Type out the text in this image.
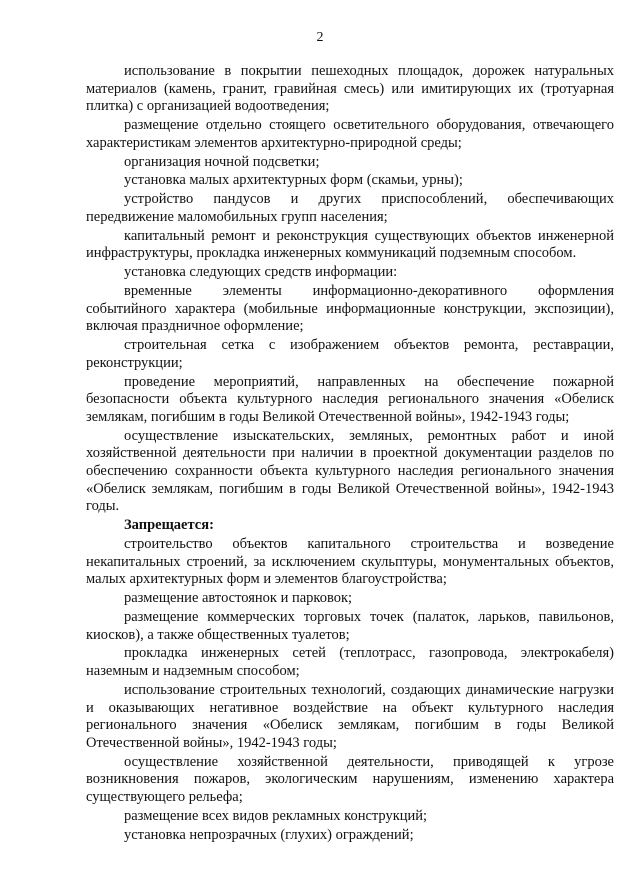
2

использование в покрытии пешеходных площадок, дорожек натуральных материалов (камень, гранит, гравийная смесь) или имитирующих их (тротуарная плитка) с организацией водоотведения;

размещение отдельно стоящего осветительного оборудования, отвечающего характеристикам элементов архитектурно-природной среды;

организация ночной подсветки;

установка малых архитектурных форм (скамьи, урны);

устройство пандусов и других приспособлений, обеспечивающих передвижение маломобильных групп населения;

капитальный ремонт и реконструкция существующих объектов инженерной инфраструктуры, прокладка инженерных коммуникаций подземным способом.

установка следующих средств информации:

временные элементы информационно-декоративного оформления событийного характера (мобильные информационные конструкции, экспозиции), включая праздничное оформление;

строительная сетка с изображением объектов ремонта, реставрации, реконструкции;

проведение мероприятий, направленных на обеспечение пожарной безопасности объекта культурного наследия регионального значения «Обелиск землякам, погибшим в годы Великой Отечественной войны», 1942-1943 годы;

осуществление изыскательских, земляных, ремонтных работ и иной хозяйственной деятельности при наличии в проектной документации разделов по обеспечению сохранности объекта культурного наследия регионального значения «Обелиск землякам, погибшим в годы Великой Отечественной войны», 1942-1943 годы.

Запрещается:

строительство объектов капитального строительства и возведение некапитальных строений, за исключением скульптуры, монументальных объектов, малых архитектурных форм и элементов благоустройства;

размещение автостоянок и парковок;

размещение коммерческих торговых точек (палаток, ларьков, павильонов, киосков), а также общественных туалетов;

прокладка инженерных сетей (теплотрасс, газопровода, электрокабеля) наземным и надземным способом;

использование строительных технологий, создающих динамические нагрузки и оказывающих негативное воздействие на объект культурного наследия регионального значения «Обелиск землякам, погибшим в годы Великой Отечественной войны», 1942-1943 годы;

осуществление хозяйственной деятельности, приводящей к угрозе возникновения пожаров, экологическим нарушениям, изменению характера существующего рельефа;

размещение всех видов рекламных конструкций;

установка непрозрачных (глухих) ограждений;
